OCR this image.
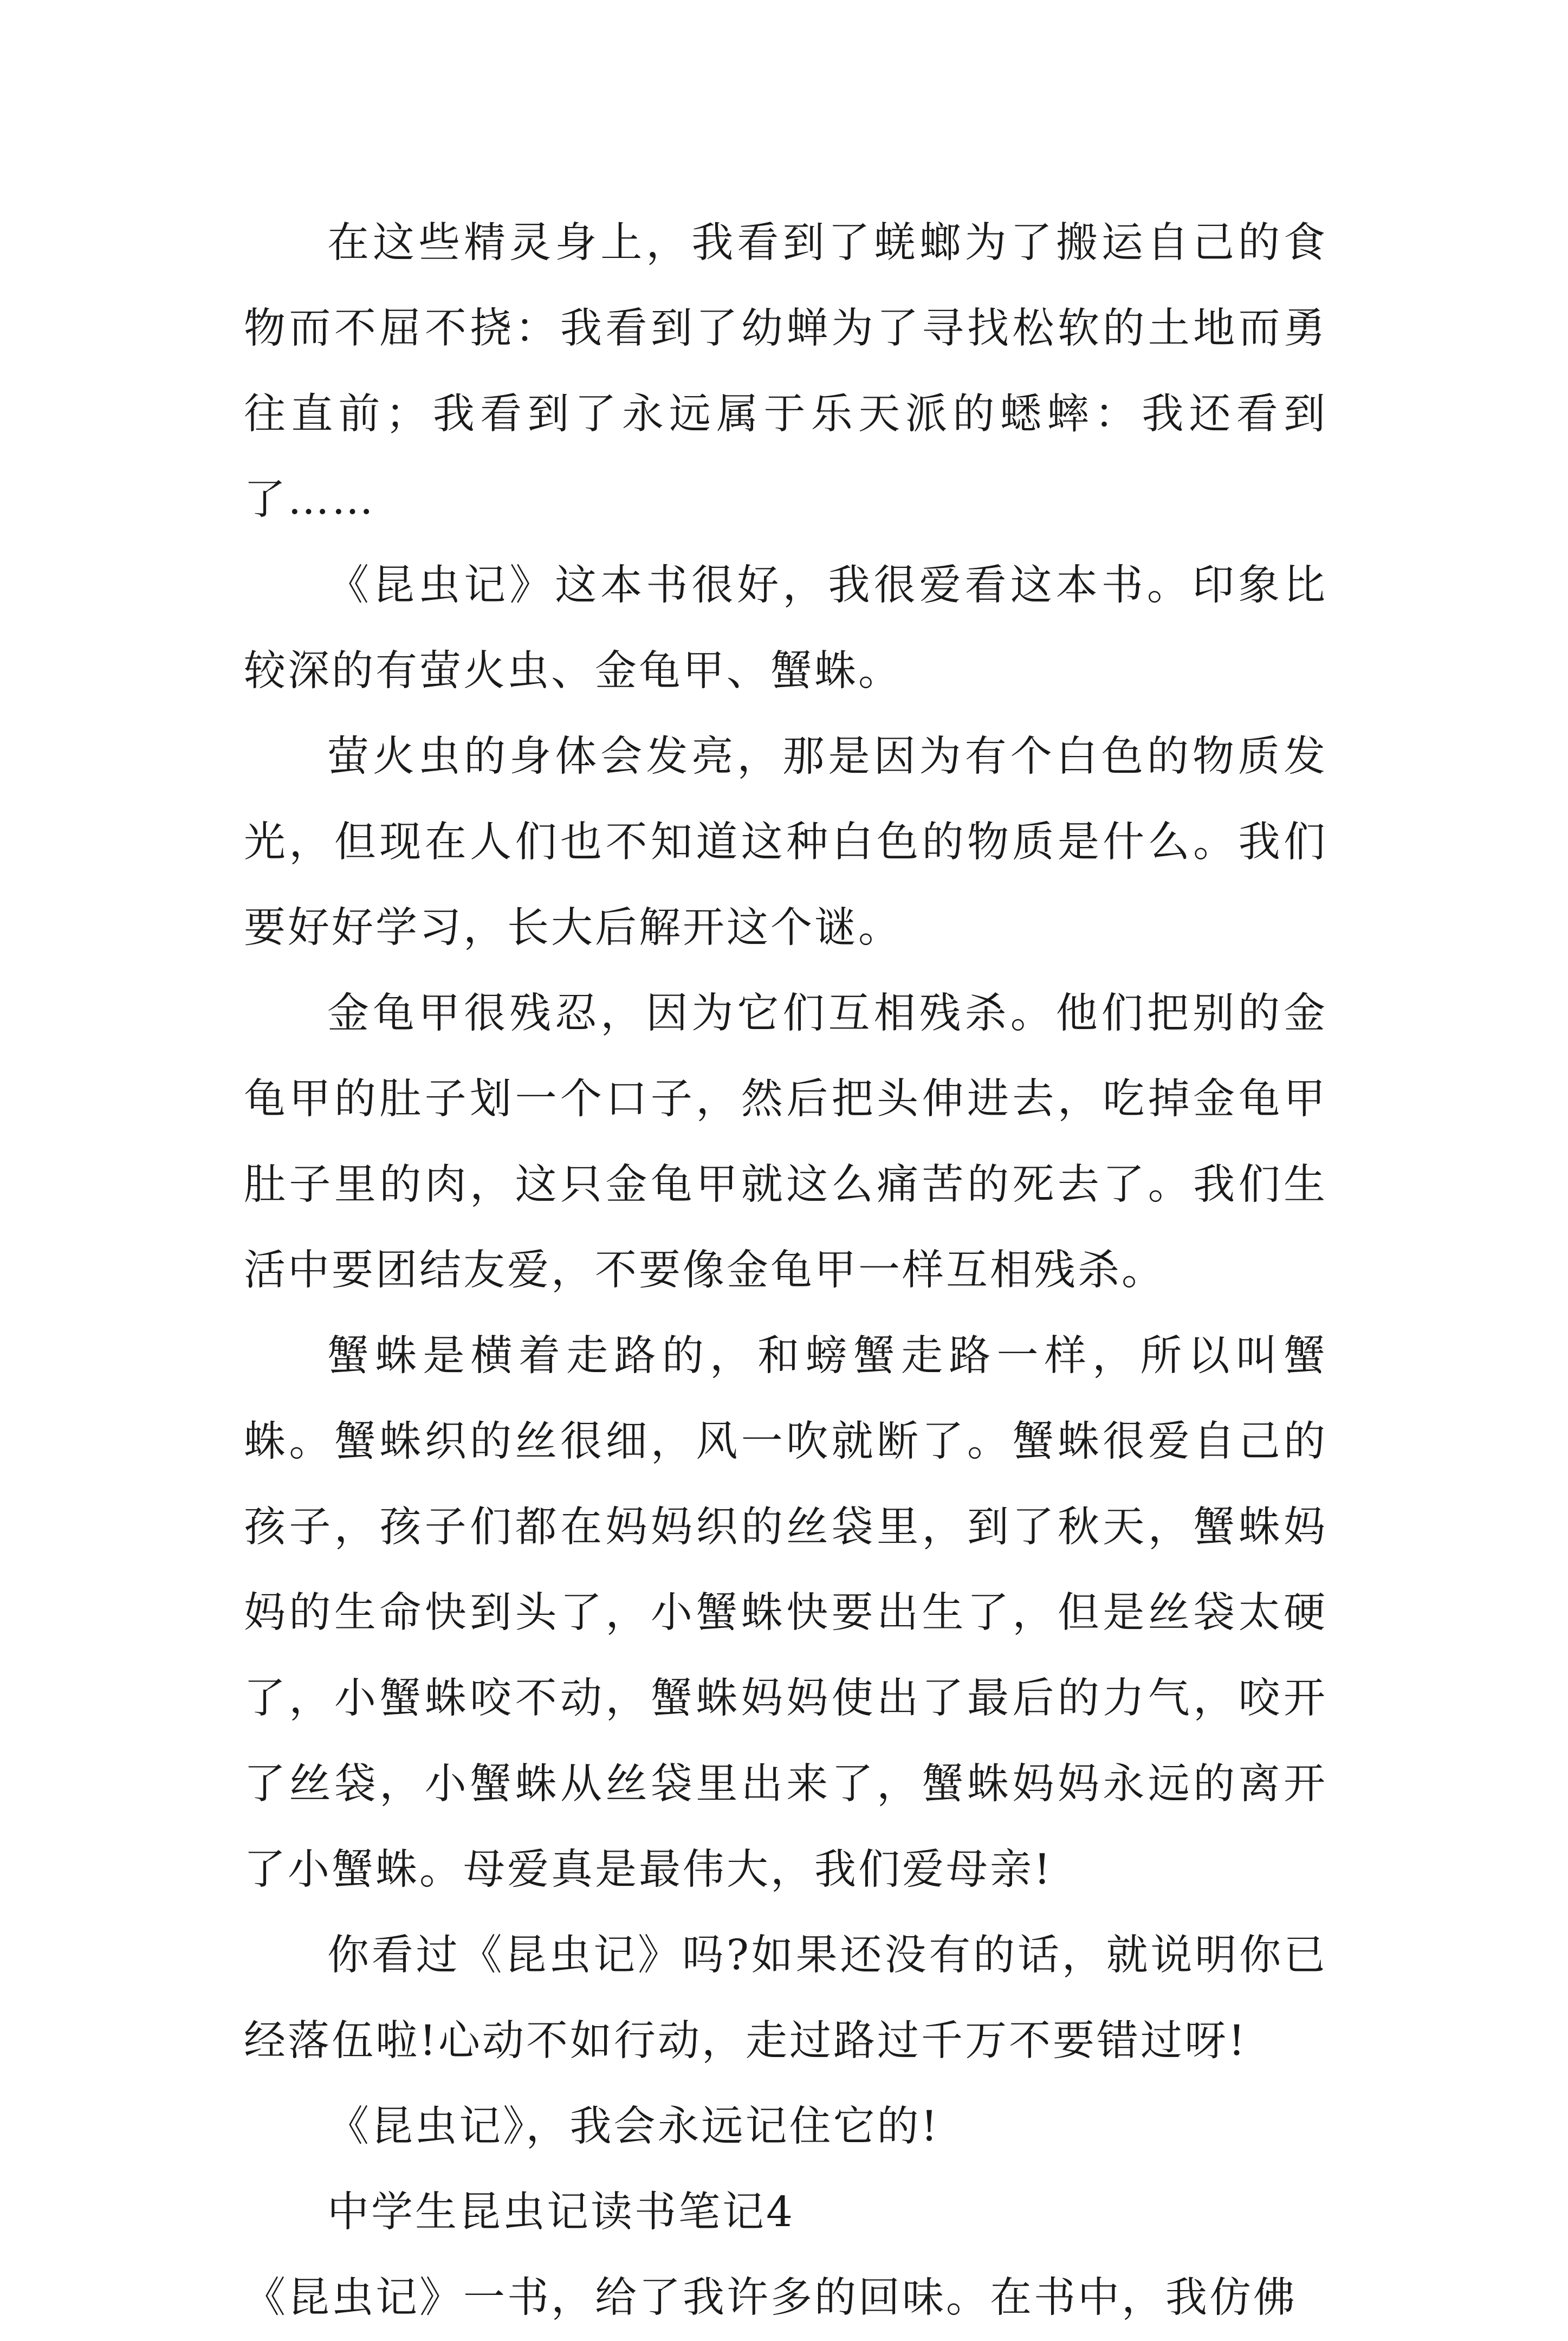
在这些精灵身上，我看到了蜣螂为了搬运自己的食物而不屈不挠：我看到了幼蝉为了寻找松软的土地而勇往直前；我看到了永远属于乐天派的蟋蟀：我还看到了……

《昆虫记》这本书很好，我很爱看这本书。印象比较深的有萤火虫、金龟甲、蟹蛛。

萤火虫的身体会发亮，那是因为有个白色的物质发光，但现在人们也不知道这种白色的物质是什么。我们要好好学习，长大后解开这个谜。

金龟甲很残忍，因为它们互相残杀。他们把别的金龟甲的肚子划一个口子，然后把头伸进去，吃掉金龟甲肚子里的肉，这只金龟甲就这么痛苦的死去了。我们生活中要团结友爱，不要像金龟甲一样互相残杀。

蟹蛛是横着走路的，和螃蟹走路一样，所以叫蟹蛛。蟹蛛织的丝很细，风一吹就断了。蟹蛛很爱自己的孩子，孩子们都在妈妈织的丝袋里，到了秋天，蟹蛛妈妈的生命快到头了，小蟹蛛快要出生了，但是丝袋太硬了，小蟹蛛咬不动，蟹蛛妈妈使出了最后的力气，咬开了丝袋，小蟹蛛从丝袋里出来了，蟹蛛妈妈永远的离开了小蟹蛛。母爱真是最伟大，我们爱母亲!

你看过《昆虫记》吗?如果还没有的话，就说明你已经落伍啦!心动不如行动，走过路过千万不要错过呀!

《昆虫记》，我会永远记住它的!

中学生昆虫记读书笔记4

《昆虫记》一书，给了我许多的回味。在书中，我仿佛
